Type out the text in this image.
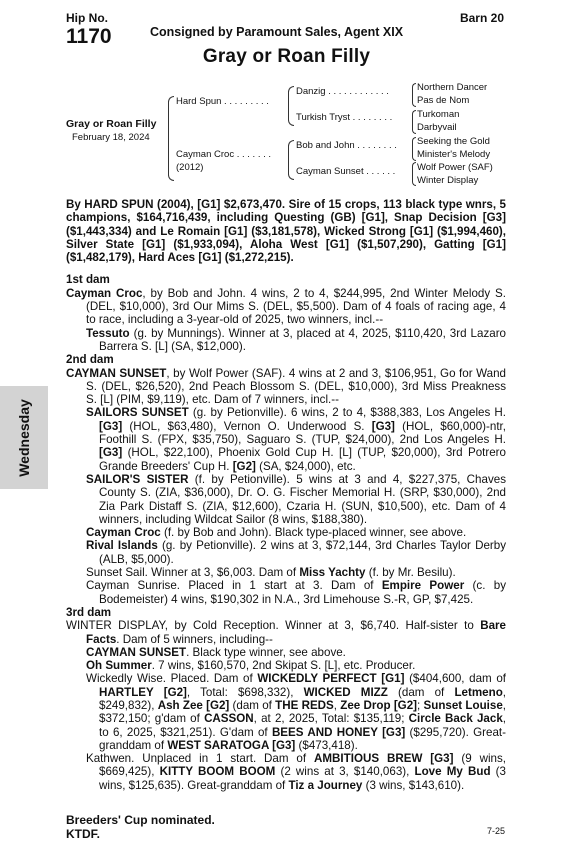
Hip No.
1170	Consigned by Paramount Sales, Agent XIX
Barn 20
Gray or Roan Filly
Gray or Roan Filly
February 18, 2024
Hard Spun . . . . . . . . .
Cayman Croc . . . . . . .
(2012)
Danzig . . . . . . . . . . . .
Turkish Tryst . . . . . . . .
Bob and John . . . . . . . .
Cayman Sunset . . . . . .
Northern Dancer
Pas de Nom
Turkoman
Darbyvail
Seeking the Gold
Minister's Melody
Wolf Power (SAF)
Winter Display
Wednesday

By HARD SPUN (2004), [G1] $2,673,470. Sire of 15 crops, 113 black type wnrs, 5 champions, $164,716,439, including Questing (GB) [G1], Snap Decision [G3] ($1,443,334) and Le Romain [G1] ($3,181,578), Wicked Strong [G1] ($1,994,460), Silver State [G1] ($1,933,094), Aloha West [G1] ($1,507,290), Gatting [G1] ($1,482,179), Hard Aces [G1] ($1,272,215).

1st dam

Cayman Croc, by Bob and John. 4 wins, 2 to 4, $244,995, 2nd Winter Melody S. (DEL, $10,000), 3rd Our Mims S. (DEL, $5,500). Dam of 4 foals of racing age, 4 to race, including a 3-year-old of 2025, two winners, incl.--

Tessuto (g. by Munnings). Winner at 3, placed at 4, 2025, $110,420, 3rd Lazaro Barrera S. [L] (SA, $12,000).

2nd dam

CAYMAN SUNSET, by Wolf Power (SAF). 4 wins at 2 and 3, $106,951, Go for Wand S. (DEL, $26,520), 2nd Peach Blossom S. (DEL, $10,000), 3rd Miss Preakness S. [L] (PIM, $9,119), etc. Dam of 7 winners, incl.--

SAILORS SUNSET (g. by Petionville). 6 wins, 2 to 4, $388,383, Los Angeles H. [G3] (HOL, $63,480), Vernon O. Underwood S. [G3] (HOL, $60,000)-ntr, Foothill S. (FPX, $35,750), Saguaro S. (TUP, $24,000), 2nd Los Angeles H. [G3] (HOL, $22,100), Phoenix Gold Cup H. [L] (TUP, $20,000), 3rd Potrero Grande Breeders' Cup H. [G2] (SA, $24,000), etc.

SAILOR'S SISTER (f. by Petionville). 5 wins at 3 and 4, $227,375, Chaves County S. (ZIA, $36,000), Dr. O. G. Fischer Memorial H. (SRP, $30,000), 2nd Zia Park Distaff S. (ZIA, $12,600), Czaria H. (SUN, $10,500), etc. Dam of 4 winners, including Wildcat Sailor (8 wins, $188,380).

Cayman Croc (f. by Bob and John). Black type-placed winner, see above.

Rival Islands (g. by Petionville). 2 wins at 3, $72,144, 3rd Charles Taylor Derby (ALB, $5,000).

Sunset Sail. Winner at 3, $6,003. Dam of Miss Yachty (f. by Mr. Besilu).

Cayman Sunrise. Placed in 1 start at 3. Dam of Empire Power (c. by Bodemeister) 4 wins, $190,302 in N.A., 3rd Limehouse S.-R, GP, $7,425.

3rd dam

WINTER DISPLAY, by Cold Reception. Winner at 3, $6,740. Half-sister to Bare Facts. Dam of 5 winners, including--

CAYMAN SUNSET. Black type winner, see above.

Oh Summer. 7 wins, $160,570, 2nd Skipat S. [L], etc. Producer.

Wickedly Wise. Placed. Dam of WICKEDLY PERFECT [G1] ($404,600, dam of HARTLEY [G2], Total: $698,332), WICKED MIZZ (dam of Letmeno, $249,832), Ash Zee [G2] (dam of THE REDS, Zee Drop [G2]; Sunset Louise, $372,150; g'dam of CASSON, at 2, 2025, Total: $135,119; Circle Back Jack, to 6, 2025, $321,251). G'dam of BEES AND HONEY [G3] ($295,720). Great-granddam of WEST SARATOGA [G3] ($473,418).

Kathwen. Unplaced in 1 start. Dam of AMBITIOUS BREW [G3] (9 wins, $669,425), KITTY BOOM BOOM (2 wins at 3, $140,063), Love My Bud (3 wins, $125,635). Great-granddam of Tiz a Journey (3 wins, $143,610).

Breeders' Cup nominated.
KTDF.	7-25
